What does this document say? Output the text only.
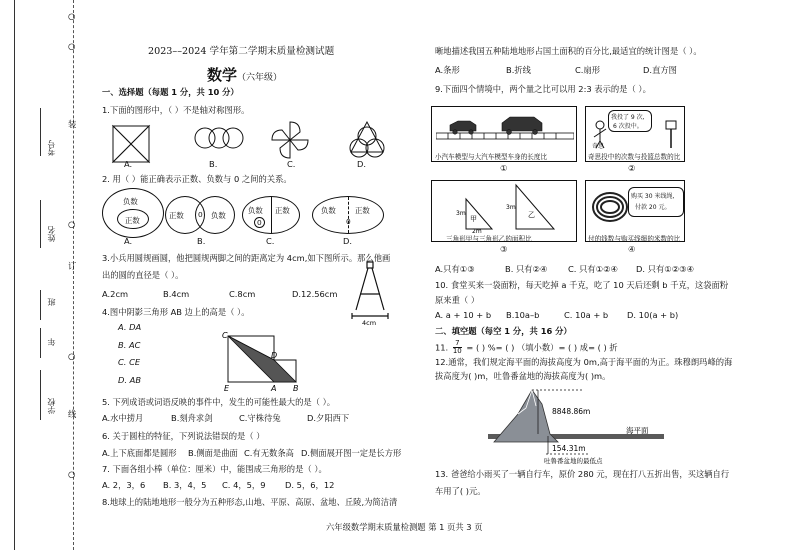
○
○
○
○
○
装
订
线
考号
姓名
班
年
学校
2023––2024 学年第二学期末质量检测试题
数学（六年级）
一、选择题（每题 1 分，共 10 分）
1.下面的图形中，（ ）不是轴对称图形。
A.	B.	C.	D.
2. 用（ ）能正确表示正数、负数与 0 之间的关系。
负数
正数
正数 0 负数
负数
0
正数	负数
0
正数
A.	B.	C.	D.
3.小兵用圆规画圆，他把圆规两脚之间的距离定为 4cm,如下图所示。那么他画
出的圆的直径是（ ）。
4cm
A.2cm	B.4cm	C.8cm	D.12.56cm
4.图中阴影三角形 AB 边上的高是（ ）。
A. DA
B. AC
C. CE
D. AB
C
D
E	A B
5. 下列成语或词语反映的事件中，发生的可能性最大的是（ ）。
A.水中捞月	B.刻舟求剑	C.守株待兔	D.夕阳西下
6. 关于圆柱的特征，下列说法错误的是（ ）
A.上下底面都是圆形 B.侧面是曲面 C.有无数条高 D.侧面展开图一定是长方形
7. 下面各组小棒（单位：厘米）中，能围成三角形的是（ ）。
A. 2，3，6 B. 3，4，5 C. 4，5，9 D. 5，6，12
8.地球上的陆地地形一般分为五种形态,山地、平原、高原、盆地、丘陵,为简洁清
晰地描述我国五种陆地地形占国土面积的百分比,最适宜的统计图是（ ）。
A.条形	B.折线	C.扇形	D.直方图
9.下面四个情境中，两个量之比可以用 2:3 表示的是（ ）。
小汽车模型与大汽车模型车身的长度比
①
我投了 9 次,
6 次投中。
奇思
奇思投中的次数与投篮总数的比
②
甲	乙
2m
3m
3m
三角形甲与三角形乙的面积比
③
购买 30 米线绳,
付款 20 元。
付的钱数与购买线绳的米数的比
④
A.只有①③	B. 只有②④ C. 只有①②④ D. 只有①②③④
10. 食堂买来一袋面粉，每天吃掉 a 千克，吃了 10 天后还剩 b 千克，这袋面粉
原来重（ ）
A. a + 10 + b B.10a–b	C. 10a + b D. 10(a + b)
二、填空题（每空 1 分，共 16 分）
11. $\frac{7}{10}$ = ( ) %= ( ) （填小数）= ( ) 成= ( ) 折
12.通常，我们规定海平面的海拔高度为 0m,高于海平面的为正。珠穆朗玛峰的海
拔高度为( )m，吐鲁番盆地的海拔高度为( )m。
8848.86m
海平面
154.31m
吐鲁番盆地的最低点
13. 爸爸给小雨买了一辆自行车，原价 280 元，现在打八五折出售，买这辆自行
车用了( )元。
六年级数学期末质量检测题 第 1 页共 3 页
